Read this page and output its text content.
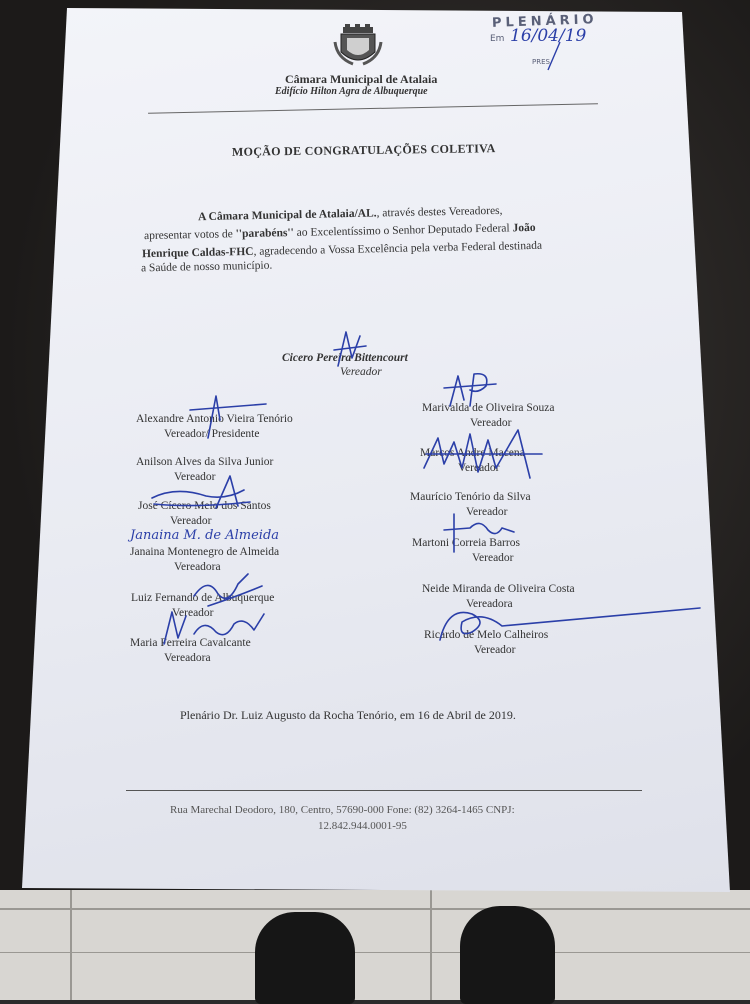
Câmara Municipal de Atalaia
Edifício Hilton Agra de Albuquerque
PLENÁRIO
Em 16/04/19
PRES
MOÇÃO DE CONGRATULAÇÕES COLETIVA
A Câmara Municipal de Atalaia/AL., através destes Vereadores,
apresentar votos de ''parabéns'' ao Excelentíssimo o Senhor Deputado Federal João
Henrique Caldas-FHC, agradecendo a Vossa Excelência pela verba Federal destinada
a Saúde de nosso município.
Cicero Pereira Bittencourt
Vereador
Alexandre Antonio Vieira Tenório
Vereador/ Presidente
Anilson Alves da Silva Junior
Vereador
José Cícero Melo dos Santos
Vereador
Janaina M. de Almeida
Janaina Montenegro de Almeida
Vereadora
Luiz Fernando de Albuquerque
Vereador
Maria Ferreira Cavalcante
Vereadora
Marivalda de Oliveira Souza
Vereador
Marcos Andre Macena
Vereador
Maurício Tenório da Silva
Vereador
Martoni Correia Barros
Vereador
Neide Miranda de Oliveira Costa
Vereadora
Ricardo de Melo Calheiros
Vereador
Plenário Dr. Luiz Augusto da Rocha Tenório, em 16 de Abril de 2019.
Rua Marechal Deodoro, 180, Centro, 57690-000 Fone: (82) 3264-1465 CNPJ:
12.842.944.0001-95
